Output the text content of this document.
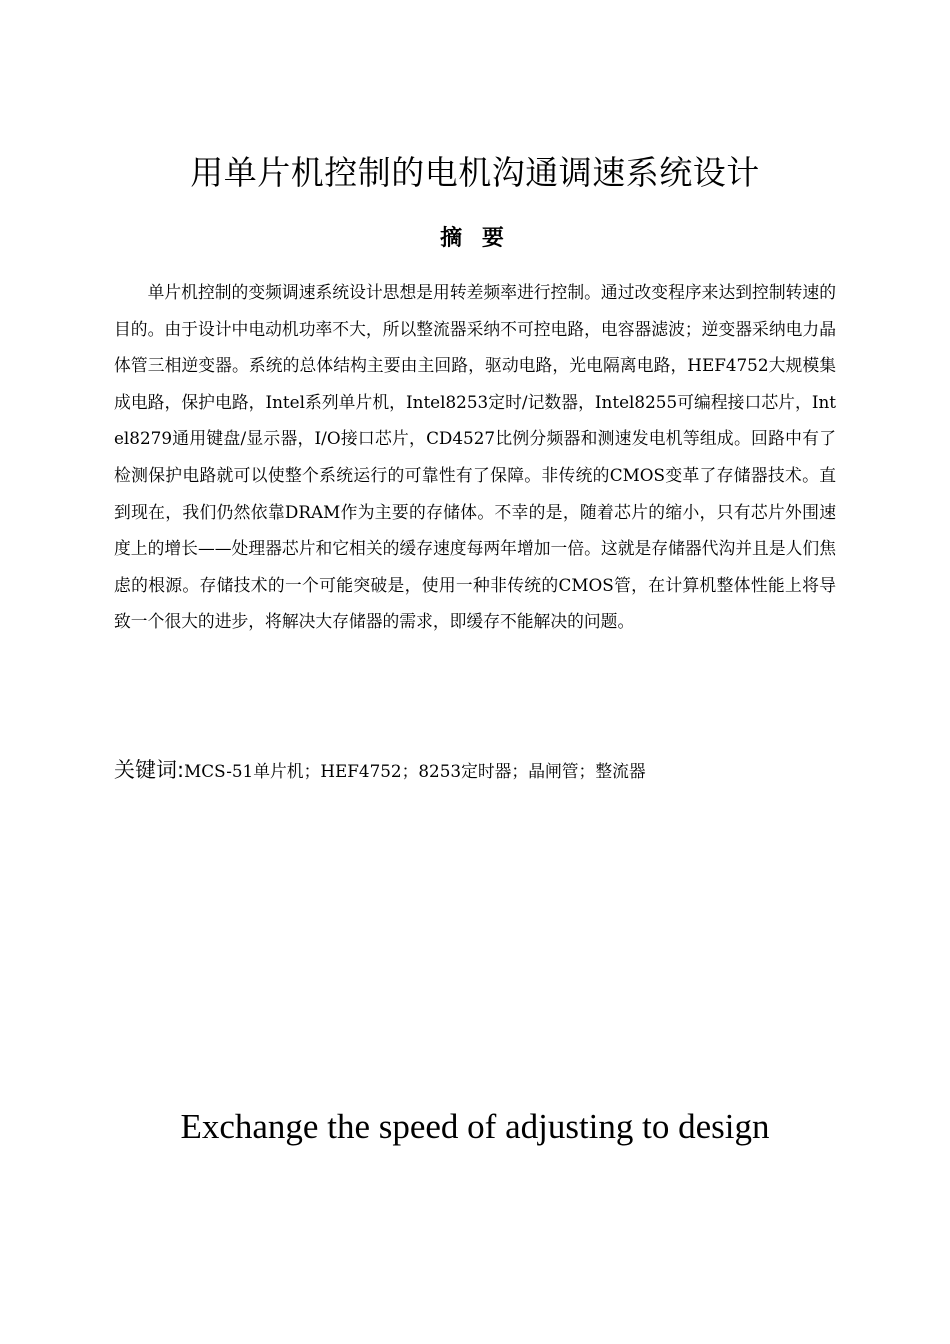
用单片机控制的电机沟通调速系统设计
摘 要
单片机控制的变频调速系统设计思想是用转差频率进行控制。通过改变程序来达到控制转速的目的。由于设计中电动机功率不大，所以整流器采纳不可控电路，电容器滤波；逆变器采纳电力晶体管三相逆变器。系统的总体结构主要由主回路，驱动电路，光电隔离电路，HEF4752大规模集成电路，保护电路，Intel系列单片机，Intel8253定时/记数器，Intel8255可编程接口芯片，Intel8279通用键盘/显示器，I/O接口芯片，CD4527比例分频器和测速发电机等组成。回路中有了检测保护电路就可以使整个系统运行的可靠性有了保障。非传统的CMOS变革了存储器技术。直到现在，我们仍然依靠DRAM作为主要的存储体。不幸的是，随着芯片的缩小，只有芯片外围速度上的增长——处理器芯片和它相关的缓存速度每两年增加一倍。这就是存储器代沟并且是人们焦虑的根源。存储技术的一个可能突破是，使用一种非传统的CMOS管，在计算机整体性能上将导致一个很大的进步，将解决大存储器的需求，即缓存不能解决的问题。
关键词:MCS-51单片机；HEF4752；8253定时器；晶闸管；整流器
Exchange the speed of adjusting to design
